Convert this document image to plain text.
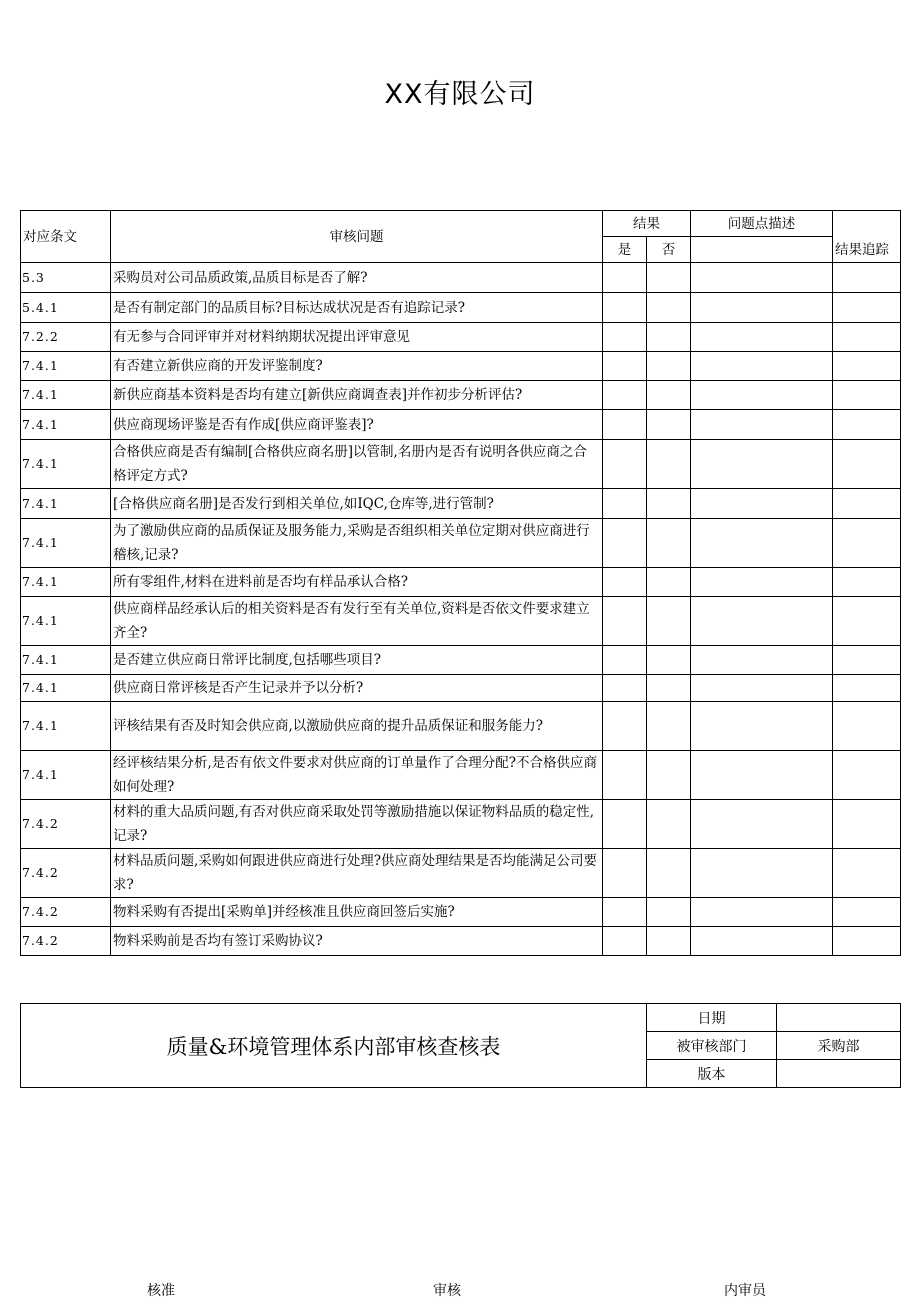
XX有限公司
对应条文	审核问题	结果		问题点描述	结果追踪
		是	否		
5.3	采购员对公司品质政策,品质目标是否了解?				
5.4.1	是否有制定部门的品质目标?目标达成状况是否有追踪记录?				
7.2.2	有无参与合同评审并对材料纳期状况提出评审意见				
7.4.1	有否建立新供应商的开发评鉴制度?				
7.4.1	新供应商基本资料是否均有建立[新供应商调查表]并作初步分析评估?				
7.4.1	供应商现场评鉴是否有作成[供应商评鉴表]?				
7.4.1	合格供应商是否有编制[合格供应商名册]以管制,名册内是否有说明各供应商之合格评定方式?				
7.4.1	[合格供应商名册]是否发行到相关单位,如IQC,仓库等,进行管制?				
7.4.1	为了激励供应商的品质保证及服务能力,采购是否组织相关单位定期对供应商进行稽核,记录?				
7.4.1	所有零组件,材料在进料前是否均有样品承认合格?				
7.4.1	供应商样品经承认后的相关资料是否有发行至有关单位,资料是否依文件要求建立齐全?				
7.4.1	是否建立供应商日常评比制度,包括哪些项目?				
7.4.1	供应商日常评核是否产生记录并予以分析?				
7.4.1	评核结果有否及时知会供应商,以激励供应商的提升品质保证和服务能力?				
7.4.1	经评核结果分析,是否有依文件要求对供应商的订单量作了合理分配?不合格供应商如何处理?				
7.4.2	材料的重大品质问题,有否对供应商采取处罚等激励措施以保证物料品质的稳定性,记录?				
7.4.2	材料品质问题,采购如何跟进供应商进行处理?供应商处理结果是否均能满足公司要求?				
7.4.2	物料采购有否提出[采购单]并经核准且供应商回签后实施?				
7.4.2	物料采购前是否均有签订采购协议?				
质量&环境管理体系内部审核查核表	日期	
	被审核部门	采购部
	版本	
核准	审核	内审员
